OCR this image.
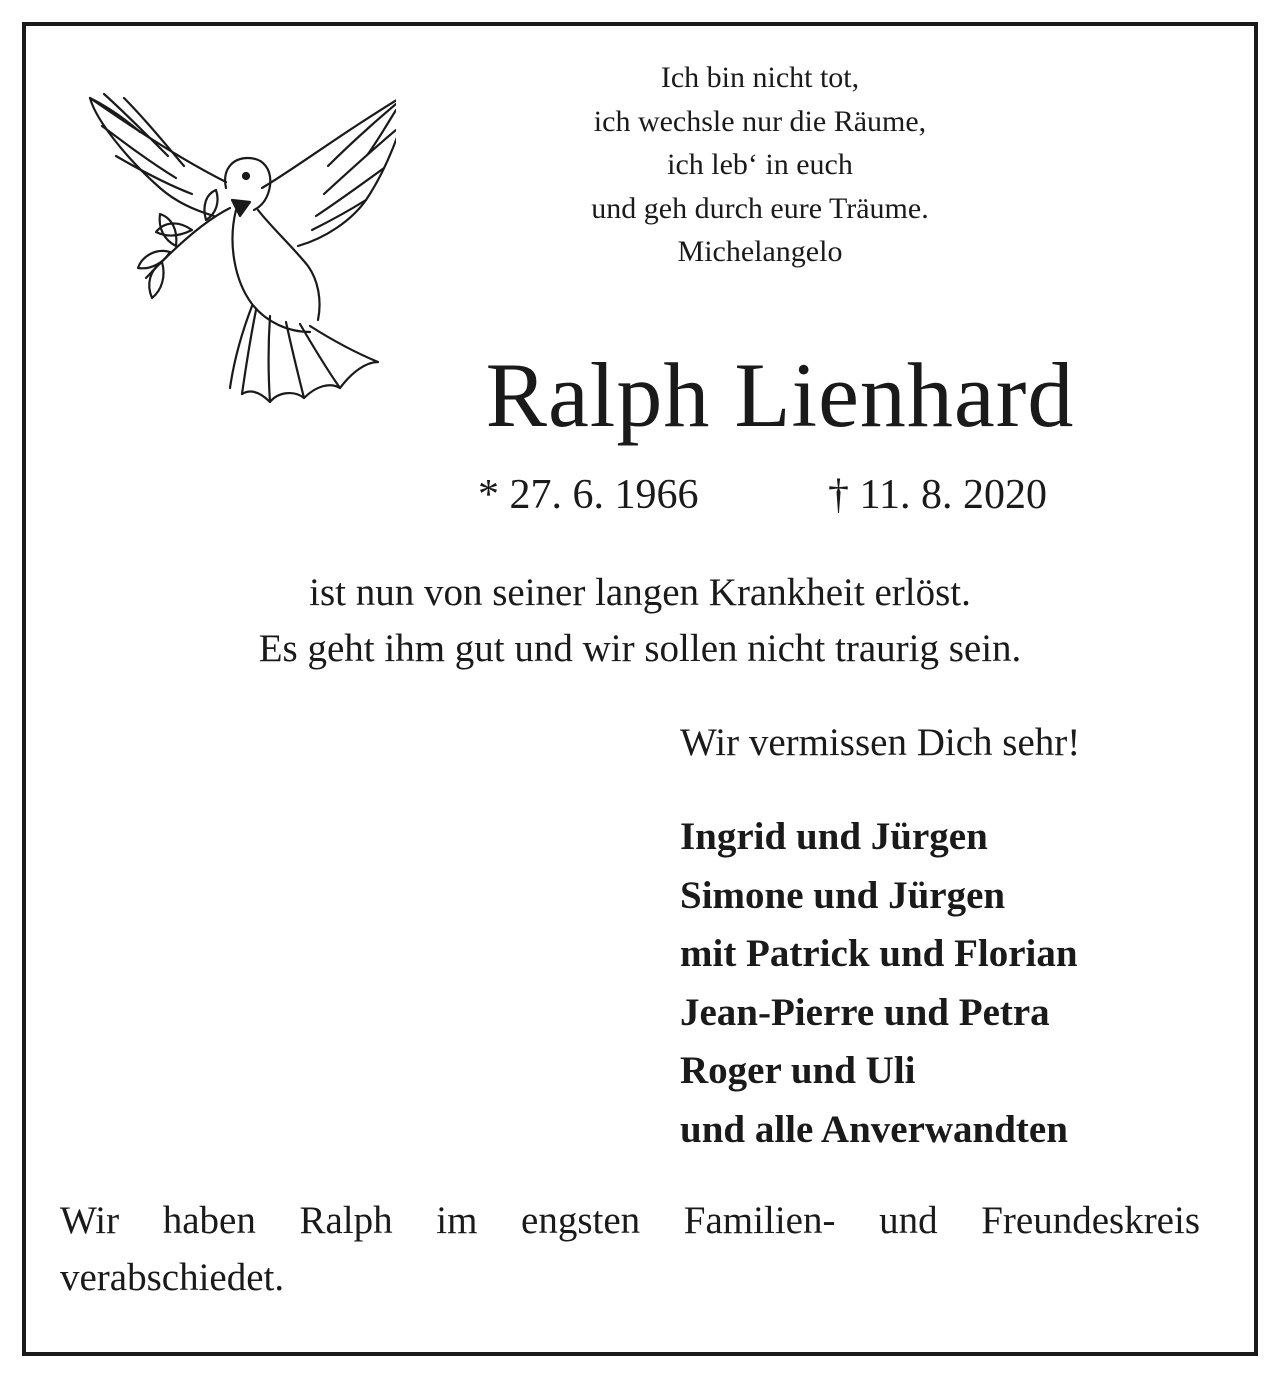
Ich bin nicht tot,
ich wechsle nur die Räume,
ich leb‘ in euch
und geh durch eure Träume.
Michelangelo
Ralph Lienhard
* 27. 6. 1966	† 11. 8. 2020
ist nun von seiner langen Krankheit erlöst.
Es geht ihm gut und wir sollen nicht traurig sein.
Wir vermissen Dich sehr!
Ingrid und Jürgen
Simone und Jürgen
mit Patrick und Florian
Jean-Pierre und Petra
Roger und Uli
und alle Anverwandten
Wir haben Ralph im engsten Familien- und Freundeskreis
verabschiedet.
